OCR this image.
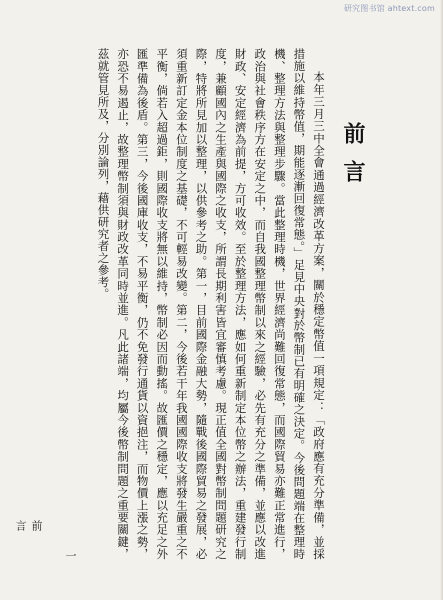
研究图书馆 ahtext.com
前言
本年三月三中全會通過經濟改革方案，關於穩定幣值一項規定：「政府應有充分準備，並採措施以維持幣值，期能逐漸回復常態。」足見中央對於幣制已有明確之決定。今後問題端在整理時機、整理方法與整理步驟。當此整理時機，世界經濟尚難回復常態，而國際貿易亦難正常進行，政治與社會秩序方在安定之中，而自我國整理幣制以來之經驗，必先有充分之準備，並應以改進財政、安定經濟為前提，方可收效。至於整理方法，應如何重新制定本位幣之辦法，重建發行制度，兼顧國內之生產與國際之收支，所謂長期利害皆宜審慎考慮。現正值全國對幣制問題研究之際，特將所見加以整理，以供參考之助。第一，目前國際金融大勢，隨戰後國際貿易之發展，必須重新訂定金本位制度之基礎，不可輕易改變。第二，今後若干年我國國際收支將發生嚴重之不平衡，倘若入超過鉅，則國際收支將無以維持，幣制必因而動搖。故匯價之穩定，應以充足之外匯準備為後盾。第三，今後國庫收支，不易平衡，仍不免發行通貨以資挹注，而物價上漲之勢，亦恐不易遏止，故整理幣制須與財政改革同時並進。凡此諸端，均屬今後幣制問題之重要關鍵，茲就管見所及，分別論列，藉供研究者之參考。
前言
一
